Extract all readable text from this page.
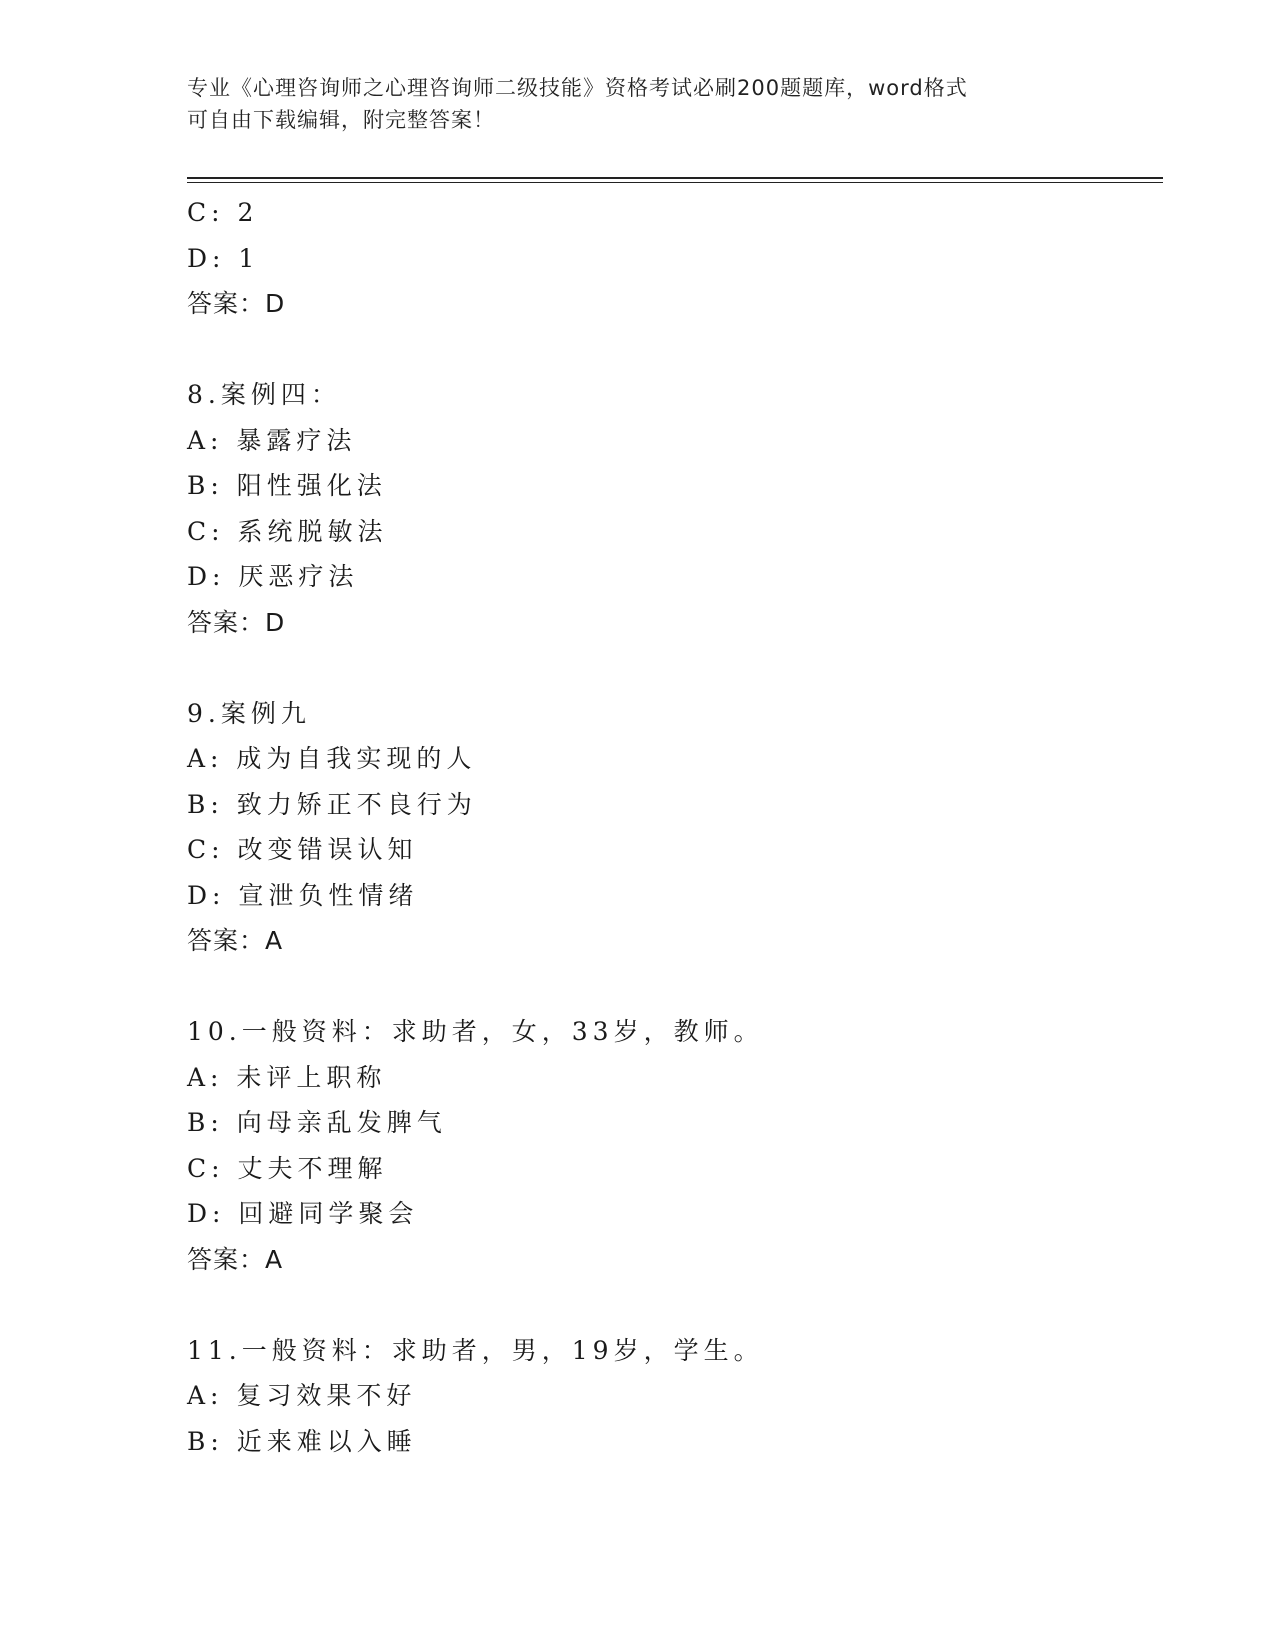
专业《心理咨询师之心理咨询师二级技能》资格考试必刷200题题库，word格式
可自由下载编辑，附完整答案！
C: 2
D: 1
答案：D
8.案例四：
A: 暴露疗法
B: 阳性强化法
C: 系统脱敏法
D: 厌恶疗法
答案：D
9.案例九
A: 成为自我实现的人
B: 致力矫正不良行为
C: 改变错误认知
D: 宣泄负性情绪
答案：A
10.一般资料：求助者，女，33岁，教师。
A: 未评上职称
B: 向母亲乱发脾气
C: 丈夫不理解
D: 回避同学聚会
答案：A
11.一般资料：求助者，男，19岁，学生。
A: 复习效果不好
B: 近来难以入睡
